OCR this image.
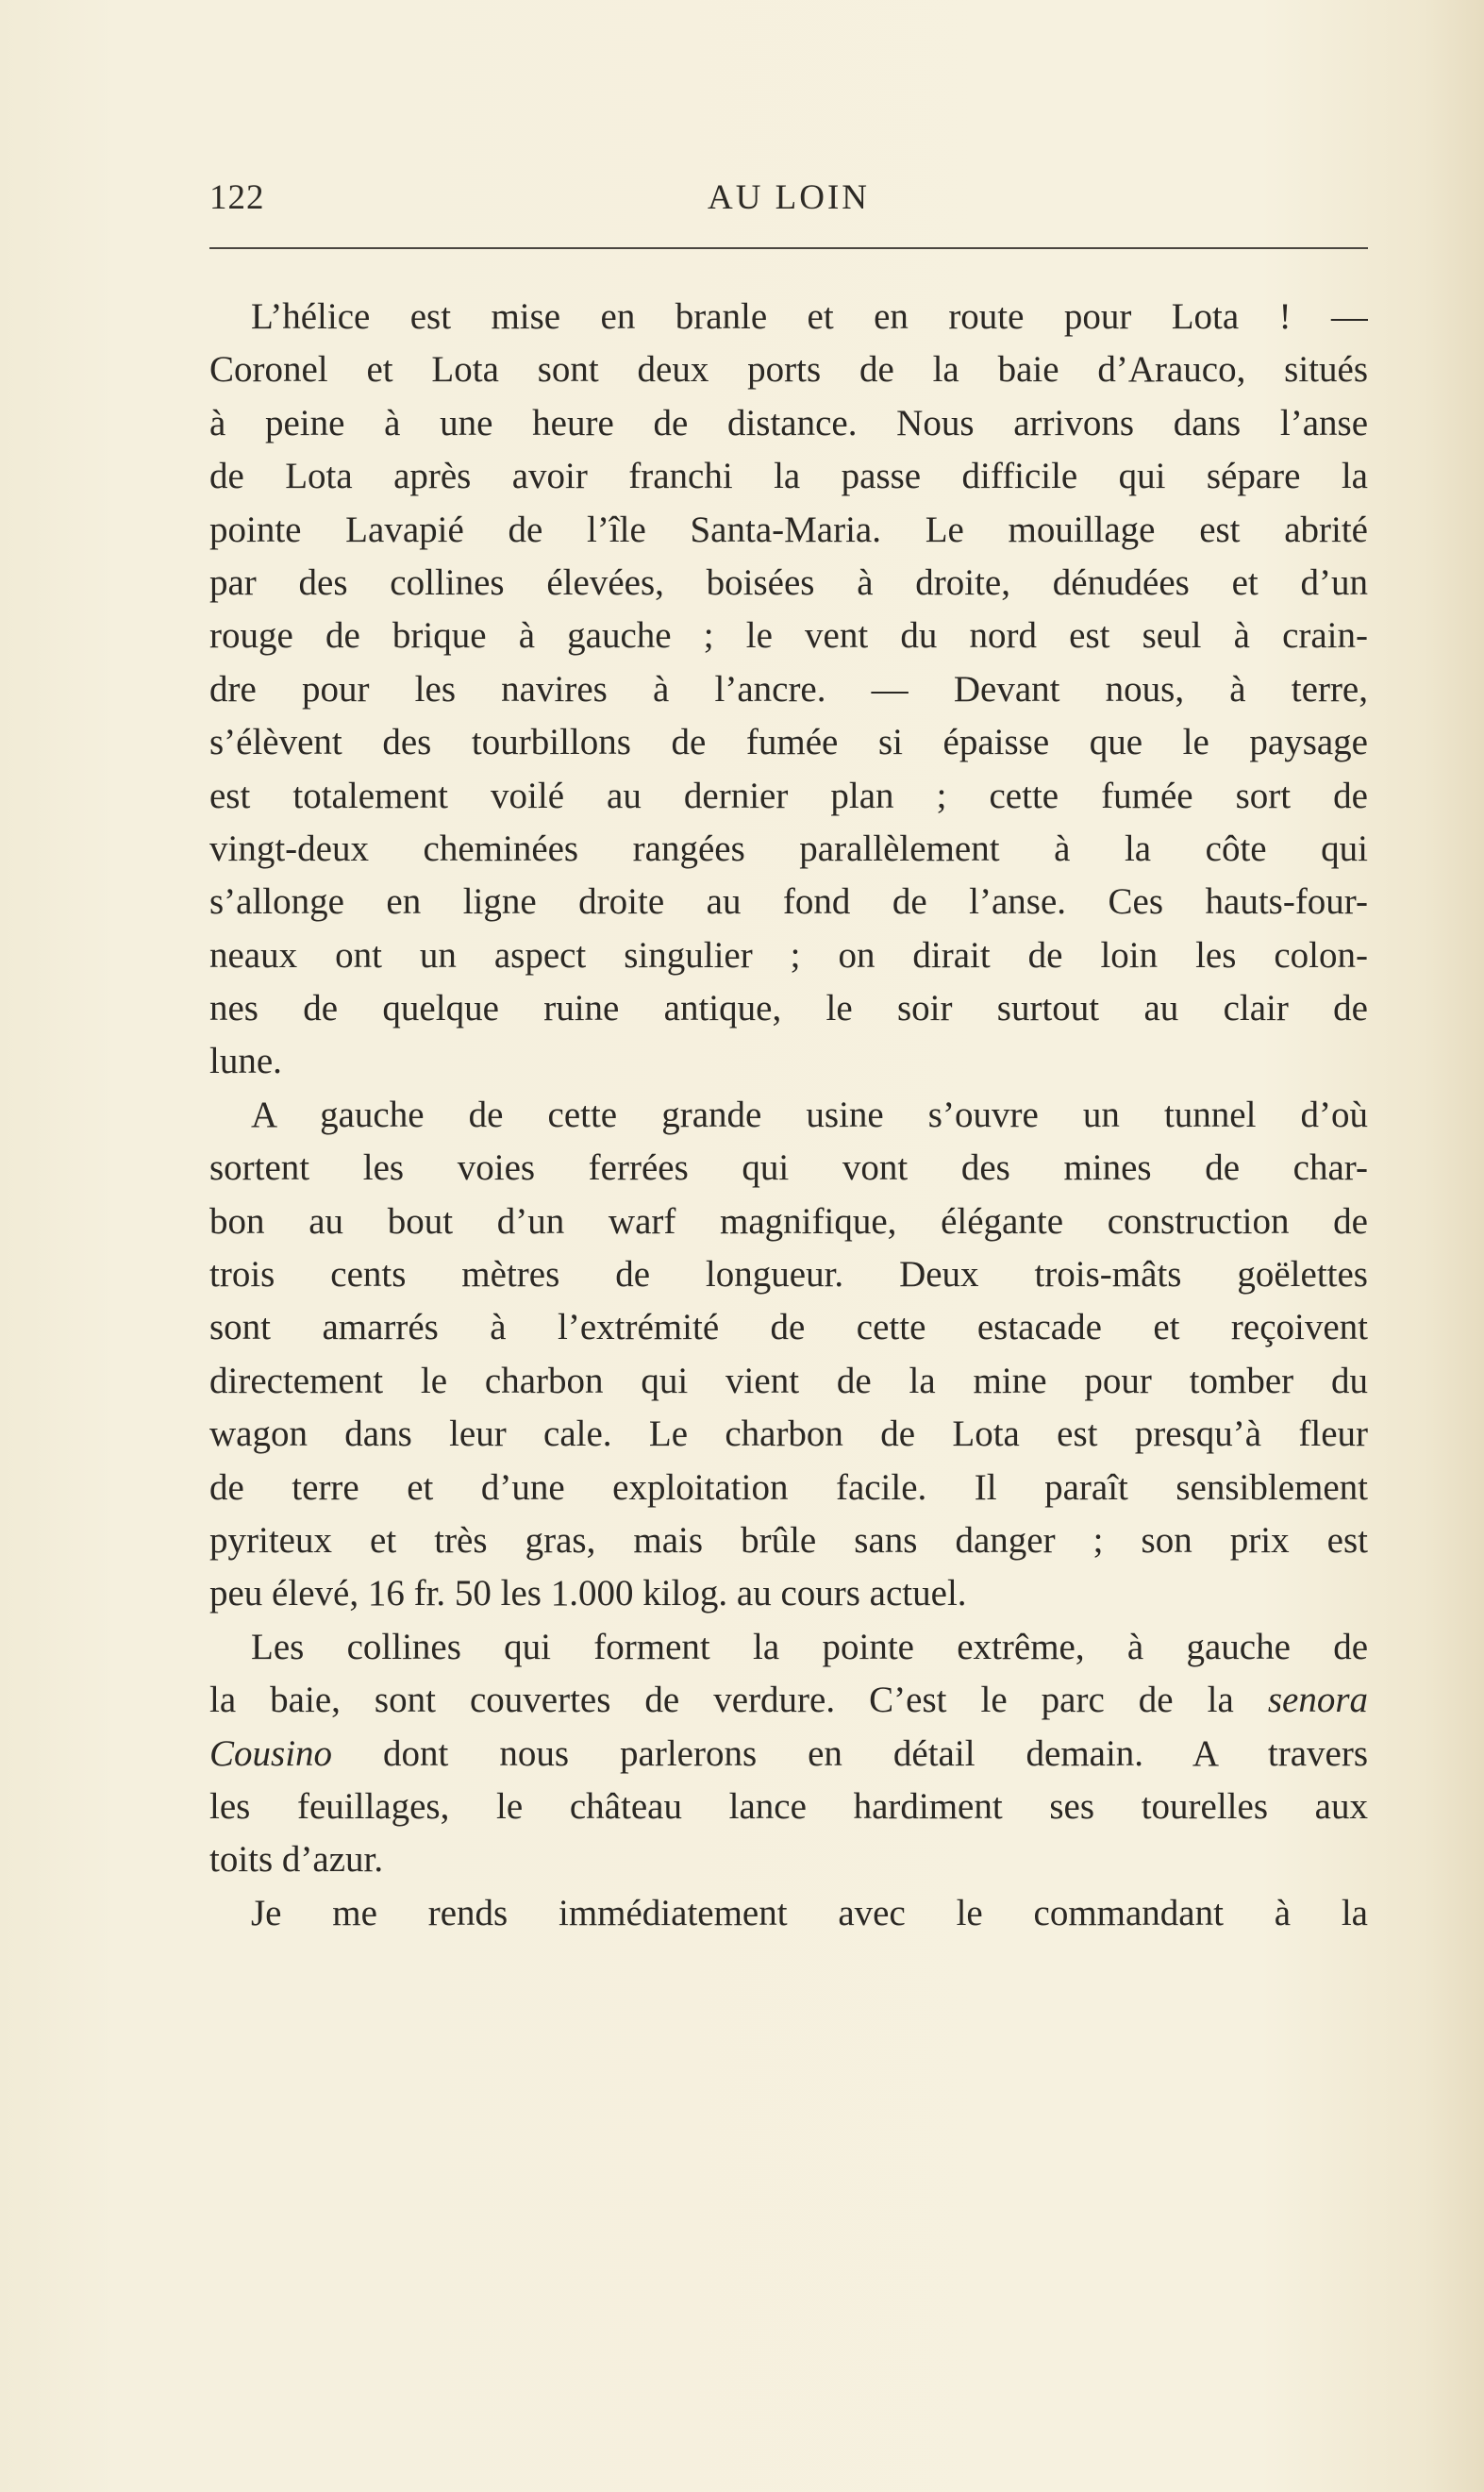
122	AU LOIN
L’hélice est mise en branle et en route pour Lota ! —
Coronel et Lota sont deux ports de la baie d’Arauco, situés
à peine à une heure de distance. Nous arrivons dans l’anse
de Lota après avoir franchi la passe difficile qui sépare la
pointe Lavapié de l’île Santa-Maria. Le mouillage est abrité
par des collines élevées, boisées à droite, dénudées et d’un
rouge de brique à gauche ; le vent du nord est seul à crain-
dre pour les navires à l’ancre. — Devant nous, à terre,
s’élèvent des tourbillons de fumée si épaisse que le paysage
est totalement voilé au dernier plan ; cette fumée sort de
vingt-deux cheminées rangées parallèlement à la côte qui
s’allonge en ligne droite au fond de l’anse. Ces hauts-four-
neaux ont un aspect singulier ; on dirait de loin les colon-
nes de quelque ruine antique, le soir surtout au clair de
lune.
A gauche de cette grande usine s’ouvre un tunnel d’où
sortent les voies ferrées qui vont des mines de char-
bon au bout d’un warf magnifique, élégante construction de
trois cents mètres de longueur. Deux trois-mâts goëlettes
sont amarrés à l’extrémité de cette estacade et reçoivent
directement le charbon qui vient de la mine pour tomber du
wagon dans leur cale. Le charbon de Lota est presqu’à fleur
de terre et d’une exploitation facile. Il paraît sensiblement
pyriteux et très gras, mais brûle sans danger ; son prix est
peu élevé, 16 fr. 50 les 1.000 kilog. au cours actuel.
Les collines qui forment la pointe extrême, à gauche de
la baie, sont couvertes de verdure. C’est le parc de la senora
Cousino dont nous parlerons en détail demain. A travers
les feuillages, le château lance hardiment ses tourelles aux
toits d’azur.
Je me rends immédiatement avec le commandant à la
